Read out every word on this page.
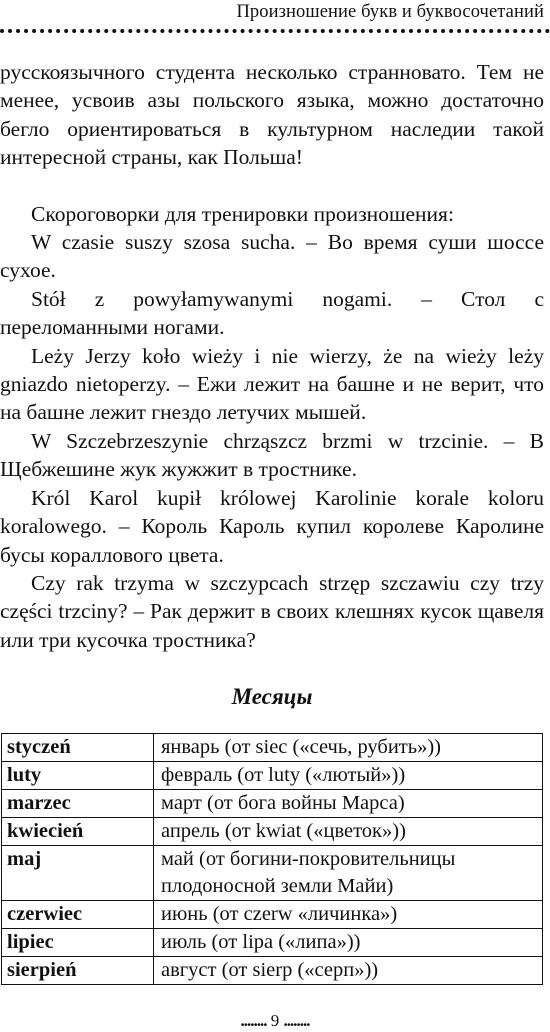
Произношение букв и буквосочетаний

русскоязычного студента несколько странновато. Тем не менее, усвоив азы польского языка, можно достаточно бегло ориентироваться в культурном наследии такой интересной страны, как Польша!

Скороговорки для тренировки произношения:

W czasie suszy szosa sucha. – Во время суши шоссе сухое.

Stół z powyłamywanymi nogami. – Стол с переломанными ногами.

Leży Jerzy koło wieży i nie wierzy, że na wieży leży gniazdo nietoperzy. – Ежи лежит на башне и не верит, что на башне лежит гнездо летучих мышей.

W Szczebrzeszynie chrząszcz brzmi w trzcinie. – В Щебжешине жук жужжит в тростнике.

Król Karol kupił królowej Karolinie korale koloru koralowego. – Король Кароль купил королеве Каролине бусы кораллового цвета.

Czy rak trzyma w szczypcach strzęp szczawiu czy trzy części trzciny? – Рак держит в своих клешнях кусок щавеля или три кусочка тростника?

Месяцы
styczeń	январь (от siec («сечь, рубить»))
luty	февраль (от luty («лютый»))
marzec	март (от бога войны Марса)
kwiecień	апрель (от kwiat («цветок»))
maj	май (от богини-покровительницы плодоносной земли Майи)
czerwiec	июнь (от czerw «личинка»)
lipiec	июль (от lipa («липа»))
sierpień	август (от sierp («серп»))
........ 9 ........
